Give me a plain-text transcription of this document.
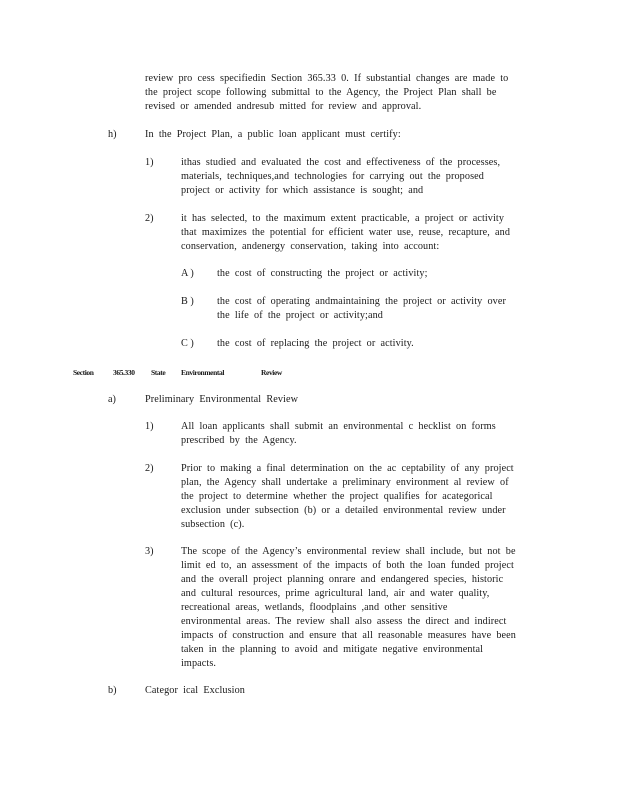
review pro cess specifiedin Section 365.33 0. If substantial changes are made to
the project scope following submittal to the Agency, the Project Plan shall be
revised or amended andresub mitted for review and approval.
h)	In the Project Plan, a public loan applicant must certify:
1)	ithas studied and evaluated the cost and effectiveness of the processes,
materials, techniques,and technologies for carrying out the proposed
project or activity for which assistance is sought; and
2)	it has selected, to the maximum extent practicable, a project or activity
that maximizes the potential for efficient water use, reuse, recapture, and
conservation, andenergy conservation, taking into account:
A ) the cost of constructing the project or activity;
B ) the cost of operating andmaintaining the project or activity over
the life of the project or activity;and
C ) the cost of replacing the project or activity.
Section	365.330 State Environmental	Review
a)	Preliminary Environmental Review
1)	All loan applicants shall submit an environmental c hecklist on forms
prescribed by the Agency.
2)	Prior to making a final determination on the ac ceptability of any project
plan, the Agency shall undertake a preliminary environment al review of
the project to determine whether the project qualifies for acategorical
exclusion under subsection (b) or a detailed environmental review under
subsection (c).
3)	The scope of the Agency’s environmental review shall include, but not be
limit ed to, an assessment of the impacts of both the loan funded project
and the overall project planning onrare and endangered species, historic
and cultural resources, prime agricultural land, air and water quality,
recreational areas, wetlands, floodplains ,and other sensitive
environmental areas. The review shall also assess the direct and indirect
impacts of construction and ensure that all reasonable measures have been
taken in the planning to avoid and mitigate negative environmental
impacts.
b)	Categor ical Exclusion
